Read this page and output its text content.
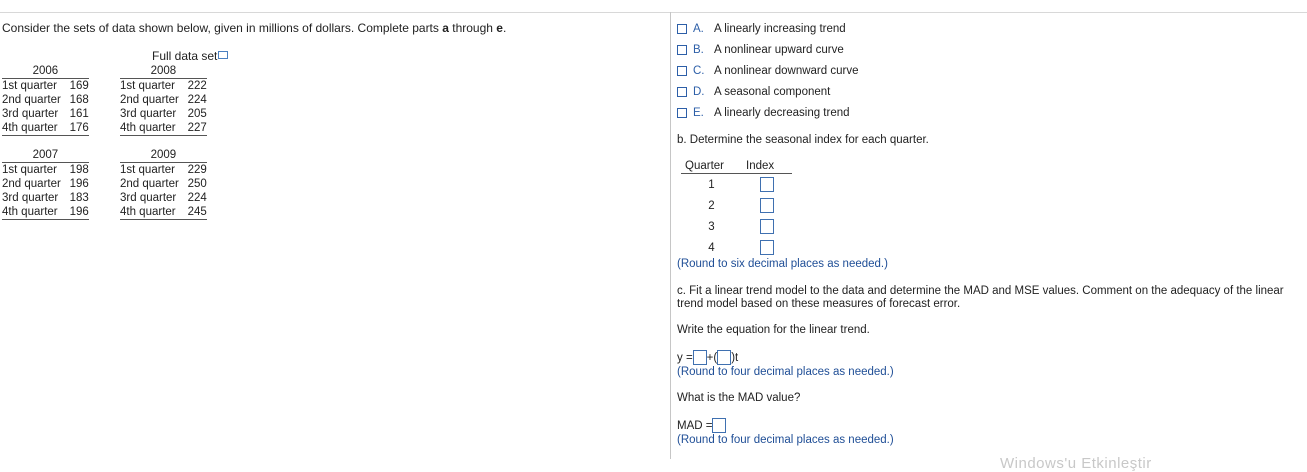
Consider the sets of data shown below, given in millions of dollars. Complete parts a through e.

Full data set
2006	
1st quarter	169
2nd quarter	168
3rd quarter	161
4th quarter	176
2008	
1st quarter	222
2nd quarter	224
3rd quarter	205
4th quarter	227
2007	
1st quarter	198
2nd quarter	196
3rd quarter	183
4th quarter	196
2009	
1st quarter	229
2nd quarter	250
3rd quarter	224
4th quarter	245
A. A linearly increasing trend
B. A nonlinear upward curve
C. A nonlinear downward curve
D. A seasonal component
E. A linearly decreasing trend

b. Determine the seasonal index for each quarter.

Quarter	Index
1	
2	
3	
4	

(Round to six decimal places as needed.)

c. Fit a linear trend model to the data and determine the MAD and MSE values. Comment on the adequacy of the linear trend model based on these measures of forecast error.

Write the equation for the linear trend.

y = +( )t

(Round to four decimal places as needed.)

What is the MAD value?

MAD =

(Round to four decimal places as needed.)

Windows'u Etkinleştir
